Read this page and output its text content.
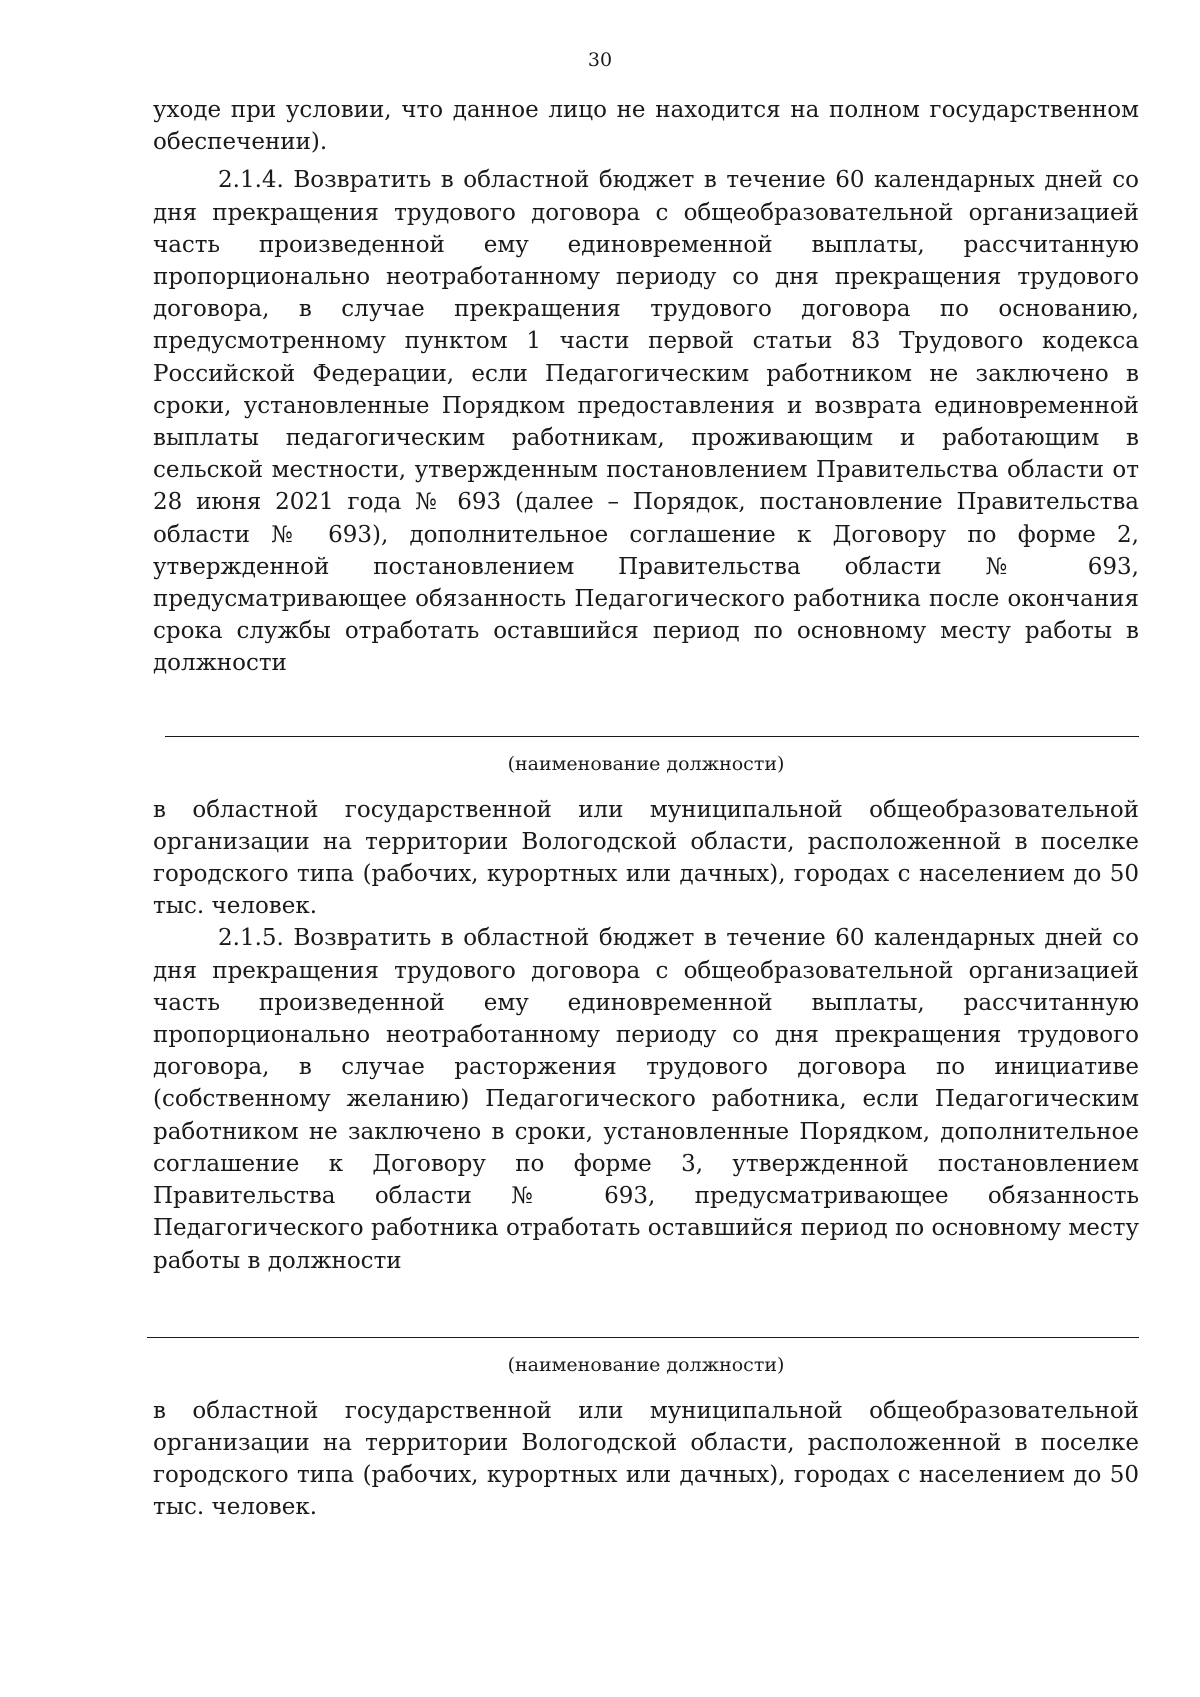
30

уходе при условии, что данное лицо не находится на полном государственном обеспечении).

2.1.4. Возвратить в областной бюджет в течение 60 календарных дней со дня прекращения трудового договора с общеобразовательной организацией часть произведенной ему единовременной выплаты, рассчитанную пропорционально неотработанному периоду со дня прекращения трудового договора, в случае прекращения трудового договора по основанию, предусмотренному пунктом 1 части первой статьи 83 Трудового кодекса Российской Федерации, если Педагогическим работником не заключено в сроки, установленные Порядком предоставления и возврата единовременной выплаты педагогическим работникам, проживающим и работающим в сельской местности, утвержденным постановлением Правительства области от 28 июня 2021 года № 693 (далее – Порядок, постановление Правительства области № 693), дополнительное соглашение к Договору по форме 2, утвержденной постановлением Правительства области № 693, предусматривающее обязанность Педагогического работника после окончания срока службы отработать оставшийся период по основному месту работы в должности

(наименование должности)

в областной государственной или муниципальной общеобразовательной организации на территории Вологодской области, расположенной в поселке городского типа (рабочих, курортных или дачных), городах с населением до 50 тыс. человек.

2.1.5. Возвратить в областной бюджет в течение 60 календарных дней со дня прекращения трудового договора с общеобразовательной организацией часть произведенной ему единовременной выплаты, рассчитанную пропорционально неотработанному периоду со дня прекращения трудового договора, в случае расторжения трудового договора по инициативе (собственному желанию) Педагогического работника, если Педагогическим работником не заключено в сроки, установленные Порядком, дополнительное соглашение к Договору по форме 3, утвержденной постановлением Правительства области № 693, предусматривающее обязанность Педагогического работника отработать оставшийся период по основному месту работы в должности

(наименование должности)

в областной государственной или муниципальной общеобразовательной организации на территории Вологодской области, расположенной в поселке городского типа (рабочих, курортных или дачных), городах с населением до 50 тыс. человек.
